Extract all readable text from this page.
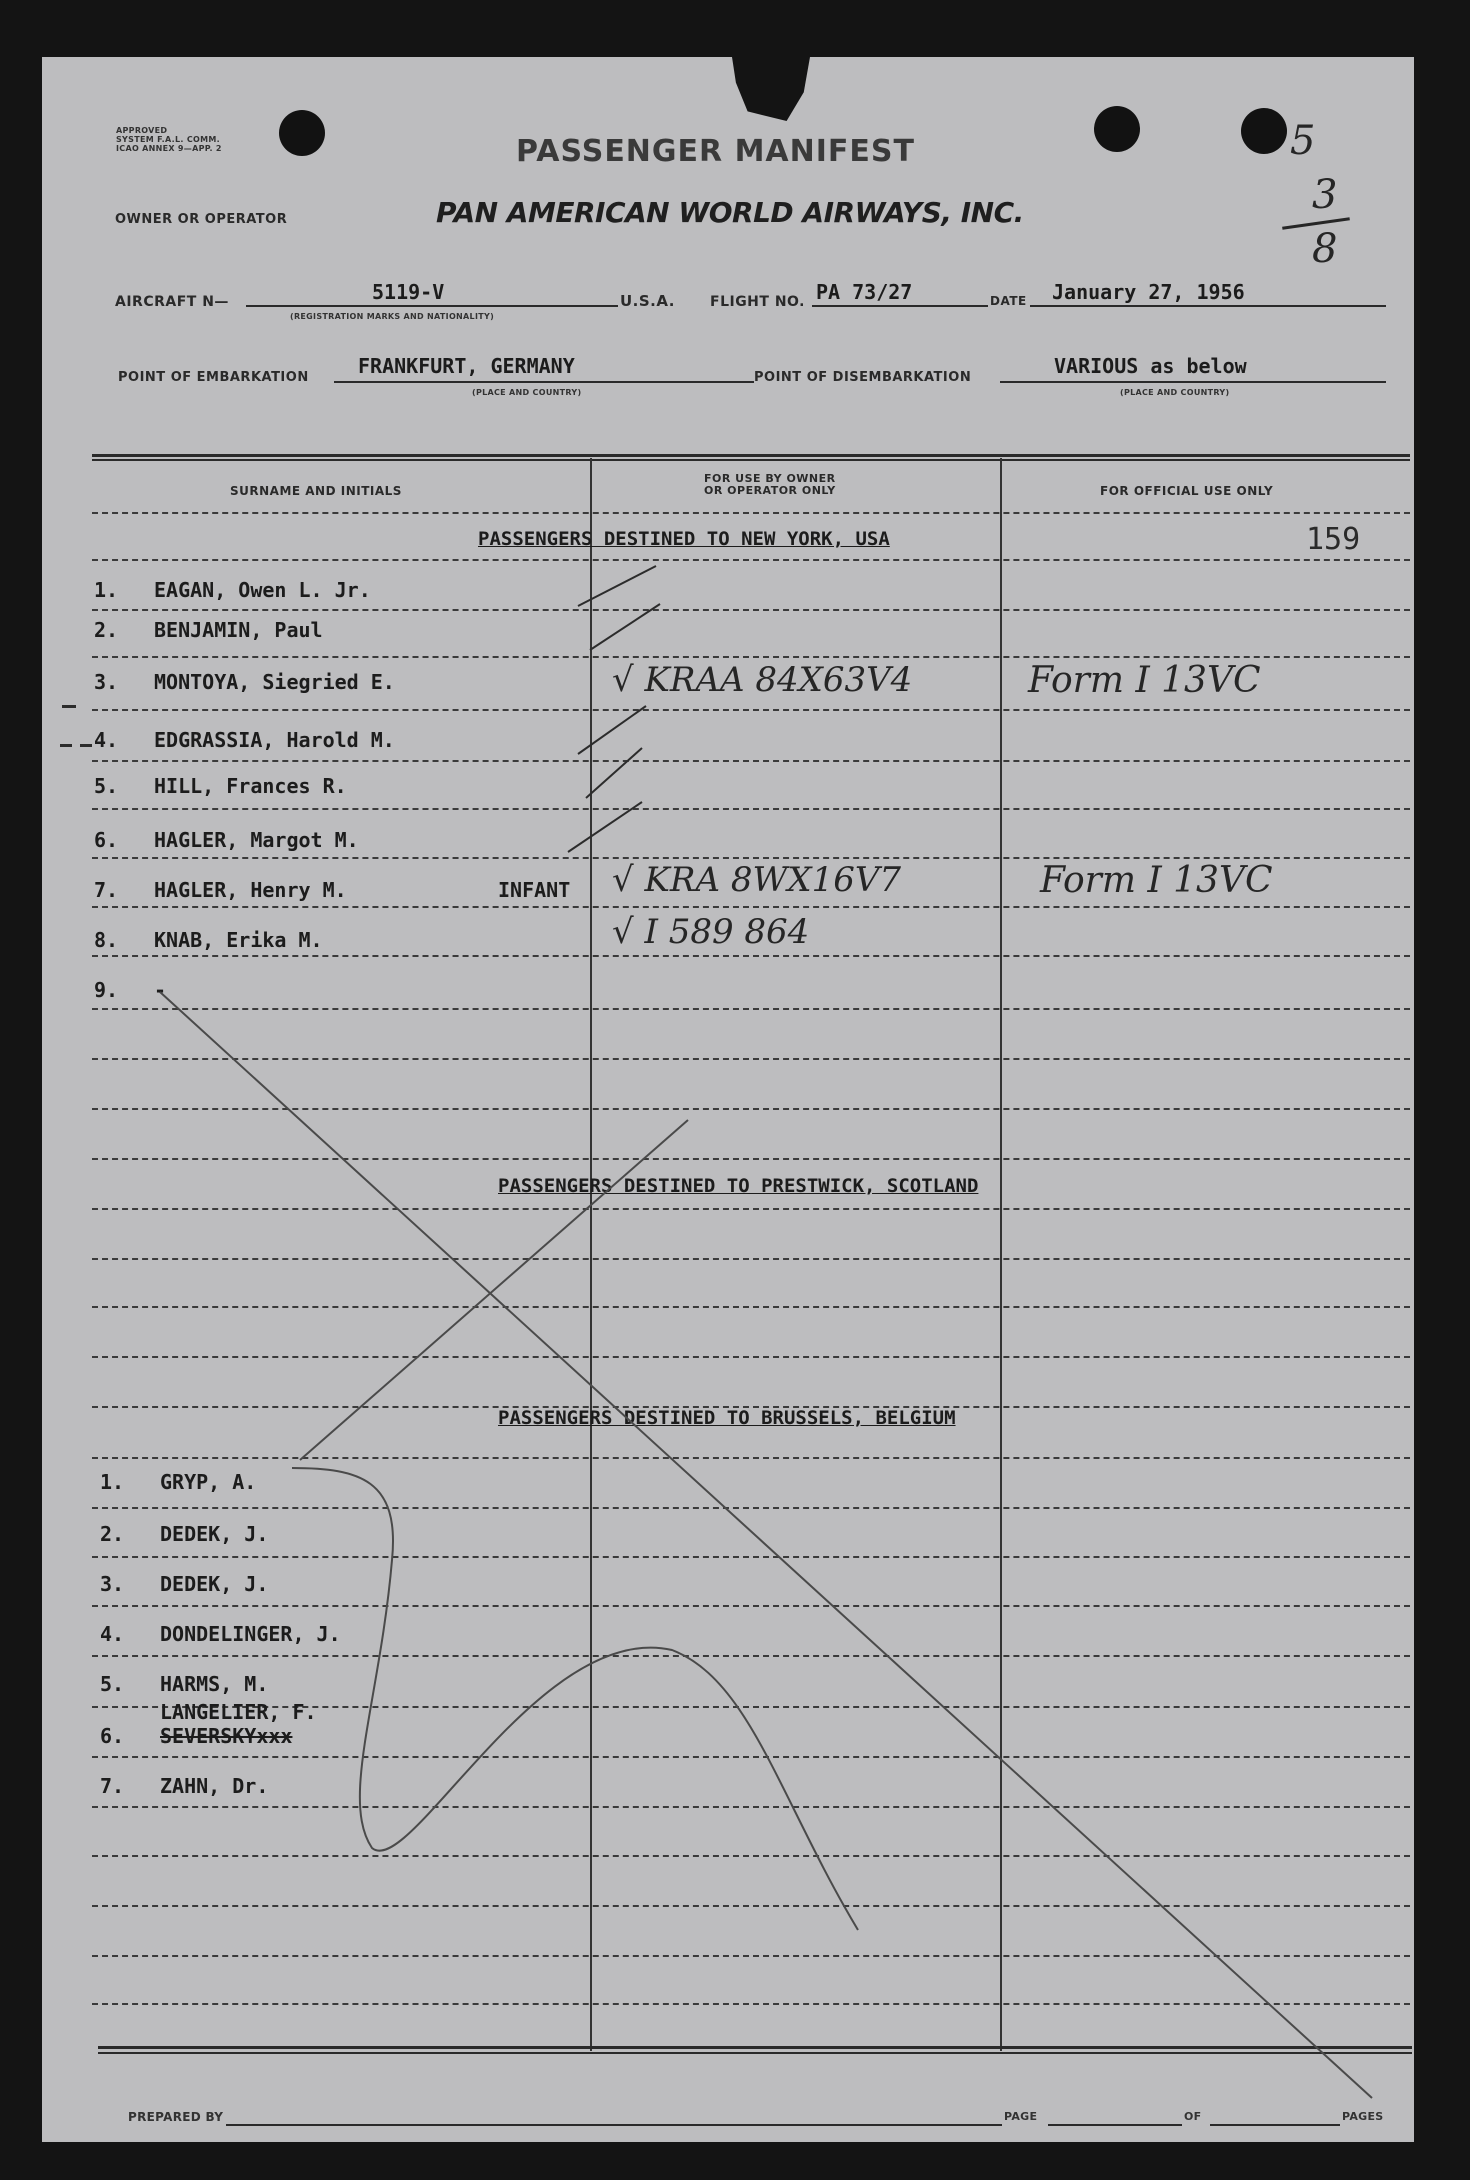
APPROVED
SYSTEM F.A.L. COMM.
ICAO ANNEX 9—APP. 2	PASSENGER MANIFEST
OWNER OR OPERATOR	PAN AMERICAN WORLD AIRWAYS, INC.
5
3
8
AIRCRAFT N—	5119-V
(REGISTRATION MARKS AND NATIONALITY)
U.S.A.	FLIGHT NO. PA 73/27	DATE January 27, 1956
POINT OF EMBARKATION FRANKFURT, GERMANY
(PLACE AND COUNTRY)
POINT OF DISEMBARKATION	VARIOUS as below
(PLACE AND COUNTRY)
SURNAME AND INITIALS
FOR USE BY OWNER
OR OPERATOR ONLY	FOR OFFICIAL USE ONLY
PASSENGERS DESTINED TO NEW YORK, USA	159
PASSENGERS DESTINED TO PRESTWICK, SCOTLAND
PASSENGERS DESTINED TO BRUSSELS, BELGIUM
1. EAGAN, Owen L. Jr.
2. BENJAMIN, Paul
3. MONTOYA, Siegried E.	√ KRAA 84X63V4	Form I 13VC
4. EDGRASSIA, Harold M.
5. HILL, Frances R.
6. HAGLER, Margot M.
7. HAGLER, Henry M.	INFANT √ KRA 8WX16V7	Form I 13VC
8. KNAB, Erika M.	√ I 589 864
9. -
1. GRYP, A.
2. DEDEK, J.
3. DEDEK, J.
4. DONDELINGER, J.
5. HARMS, M.
LANGELIER, F.
6. SEVERSKYxxx
7. ZAHN, Dr.
PREPARED BY	PAGE	OF	PAGES
